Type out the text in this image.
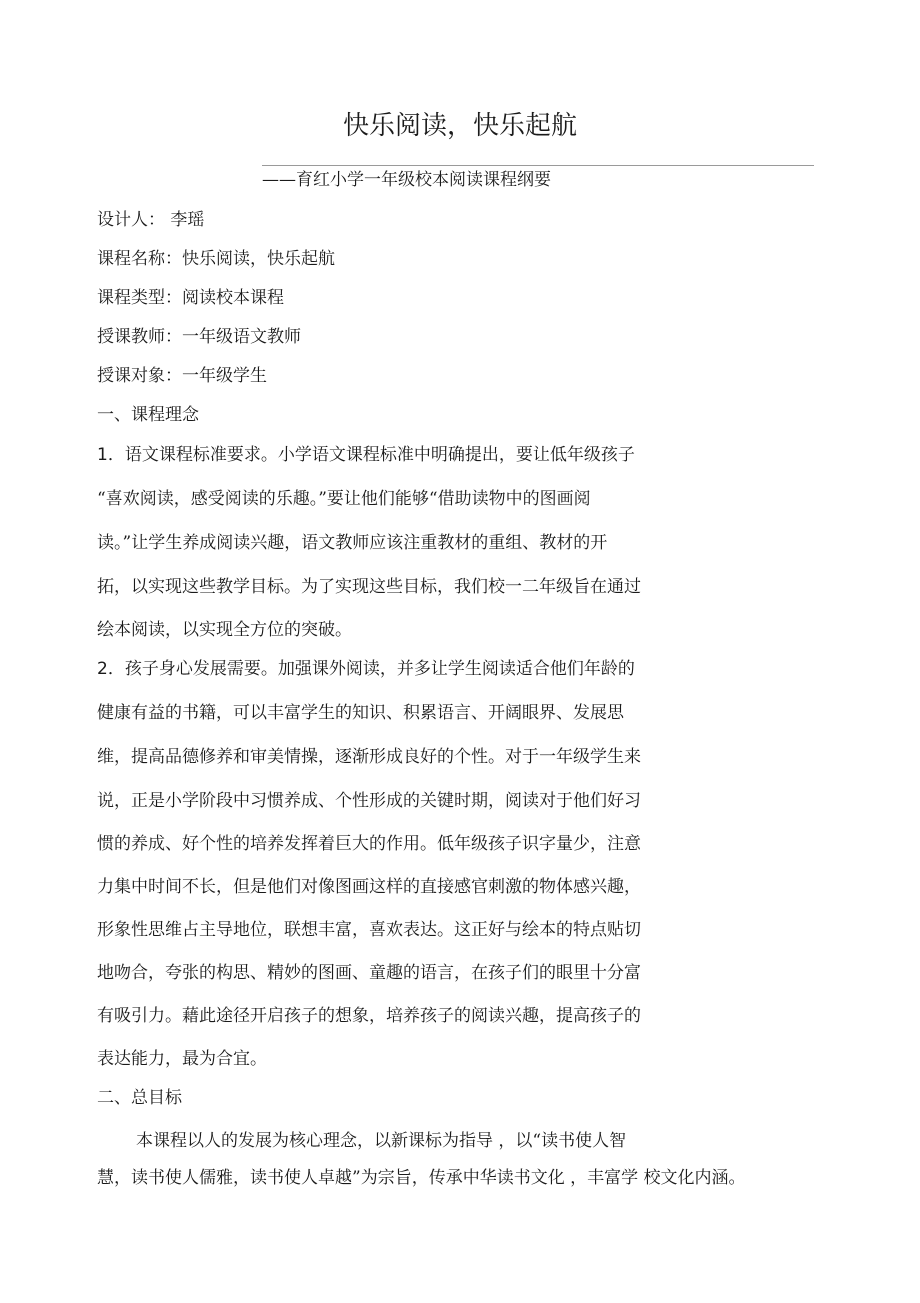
快乐阅读，快乐起航
——育红小学一年级校本阅读课程纲要
设计人： 李瑶
课程名称：快乐阅读，快乐起航
课程类型：阅读校本课程
授课教师：一年级语文教师
授课对象：一年级学生
一、课程理念
1．语文课程标准要求。小学语文课程标准中明确提出，要让低年级孩子
“喜欢阅读，感受阅读的乐趣。”要让他们能够“借助读物中的图画阅
读。”让学生养成阅读兴趣，语文教师应该注重教材的重组、教材的开
拓，以实现这些教学目标。为了实现这些目标，我们校一二年级旨在通过
绘本阅读，以实现全方位的突破。
2．孩子身心发展需要。加强课外阅读，并多让学生阅读适合他们年龄的
健康有益的书籍，可以丰富学生的知识、积累语言、开阔眼界、发展思
维，提高品德修养和审美情操，逐渐形成良好的个性。对于一年级学生来
说，正是小学阶段中习惯养成、个性形成的关键时期，阅读对于他们好习
惯的养成、好个性的培养发挥着巨大的作用。低年级孩子识字量少，注意
力集中时间不长，但是他们对像图画这样的直接感官刺激的物体感兴趣，
形象性思维占主导地位，联想丰富，喜欢表达。这正好与绘本的特点贴切
地吻合，夸张的构思、精妙的图画、童趣的语言，在孩子们的眼里十分富
有吸引力。藉此途径开启孩子的想象，培养孩子的阅读兴趣，提高孩子的
表达能力，最为合宜。
二、总目标
本课程以人的发展为核心理念，以新课标为指导 ，以“读书使人智
慧，读书使人儒雅，读书使人卓越”为宗旨，传承中华读书文化 ，丰富学 校文化内涵。
